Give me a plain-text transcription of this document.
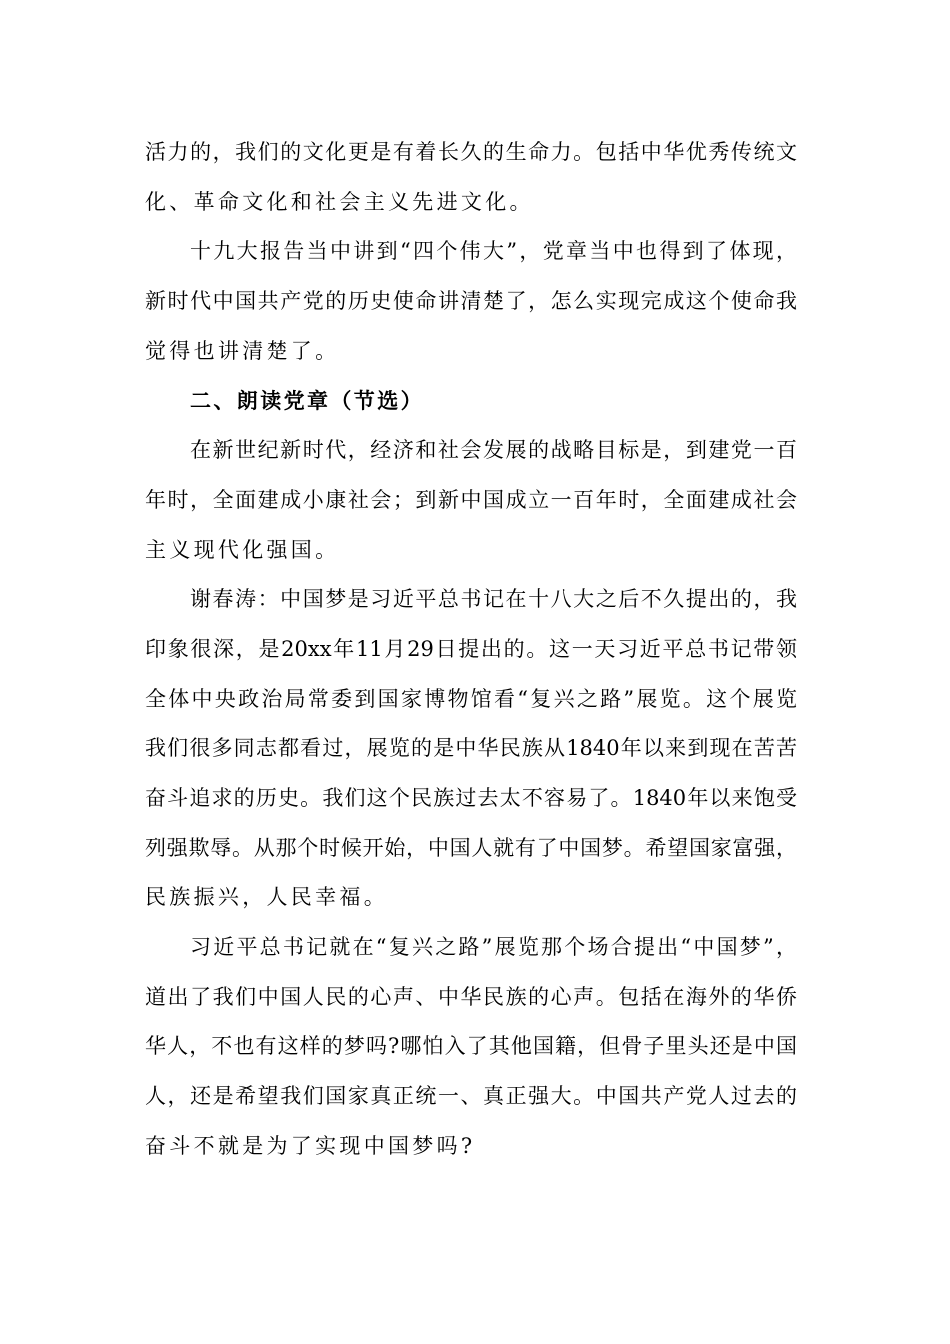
活力的，我们的文化更是有着长久的生命力。包括中华优秀传统文
化、革命文化和社会主义先进文化。
十九大报告当中讲到“四个伟大”，党章当中也得到了体现，
新时代中国共产党的历史使命讲清楚了，怎么实现完成这个使命我
觉得也讲清楚了。
二、朗读党章（节选）
在新世纪新时代，经济和社会发展的战略目标是，到建党一百
年时，全面建成小康社会；到新中国成立一百年时，全面建成社会
主义现代化强国。
谢春涛：中国梦是习近平总书记在十八大之后不久提出的，我
印象很深，是20xx年11月29日提出的。这一天习近平总书记带领
全体中央政治局常委到国家博物馆看“复兴之路”展览。这个展览
我们很多同志都看过，展览的是中华民族从1840年以来到现在苦苦
奋斗追求的历史。我们这个民族过去太不容易了。1840年以来饱受
列强欺辱。从那个时候开始，中国人就有了中国梦。希望国家富强，
民族振兴，人民幸福。
习近平总书记就在“复兴之路”展览那个场合提出“中国梦”，
道出了我们中国人民的心声、中华民族的心声。包括在海外的华侨
华人，不也有这样的梦吗?哪怕入了其他国籍，但骨子里头还是中国
人，还是希望我们国家真正统一、真正强大。中国共产党人过去的
奋斗不就是为了实现中国梦吗?
